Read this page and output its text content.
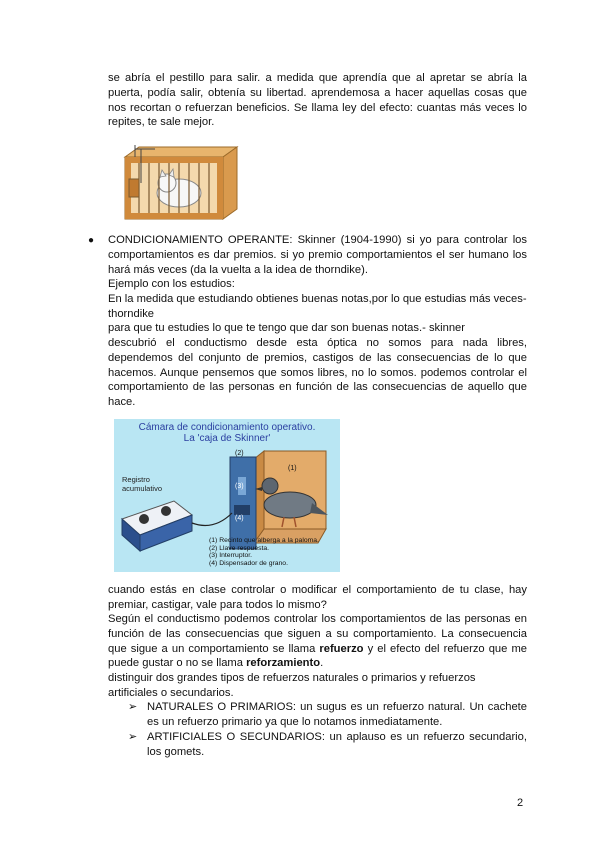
se abría el pestillo para salir. a medida que aprendía que al apretar se abría la puerta, podía salir, obtenía su libertad. aprendemosa a hacer aquellas cosas que nos recortan o refuerzan beneficios. Se llama ley del efecto: cuantas más veces lo repites, te sale mejor.

● CONDICIONAMIENTO OPERANTE: Skinner (1904-1990) si yo para controlar los comportamientos es dar premios. si yo premio comportamientos el ser humano los hará más veces (da la vuelta a la idea de thorndike).

Ejemplo con los estudios:

En la medida que estudiando obtienes buenas notas,por lo que estudias más veces-thorndike

para que tu estudies lo que te tengo que dar son buenas notas.- skinner

descubrió el conductismo desde esta óptica no somos para nada libres, dependemos del conjunto de premios, castigos de las consecuencias de lo que hacemos. Aunque pensemos que somos libres, no lo somos. podemos controlar el comportamiento de las personas en función de las consecuencias de aquello que hace.

Cámara de condicionamiento operativo.
La 'caja de Skinner'
Registro
acumulativo
(2)
(3)
(1)
(4)
(1) Recinto que alberga a la paloma.
(2) Llave respuesta.
(3) Interruptor.
(4) Dispensador de grano.

cuando estás en clase controlar o modificar el comportamiento de tu clase, hay premiar, castigar, vale para todos lo mismo?

Según el conductismo podemos controlar los comportamientos de las personas en función de las consecuencias que siguen a su comportamiento. La consecuencia que sigue a un comportamiento se llama refuerzo y el efecto del refuerzo que me puede gustar o no se llama reforzamiento.

distinguir dos grandes tipos de refuerzos naturales o primarios y refuerzos artificiales o secundarios.

➢ NATURALES O PRIMARIOS: un sugus es un refuerzo natural. Un cachete es un refuerzo primario ya que lo notamos inmediatamente.

➢ ARTIFICIALES O SECUNDARIOS: un aplauso es un refuerzo secundario, los gomets.

2
